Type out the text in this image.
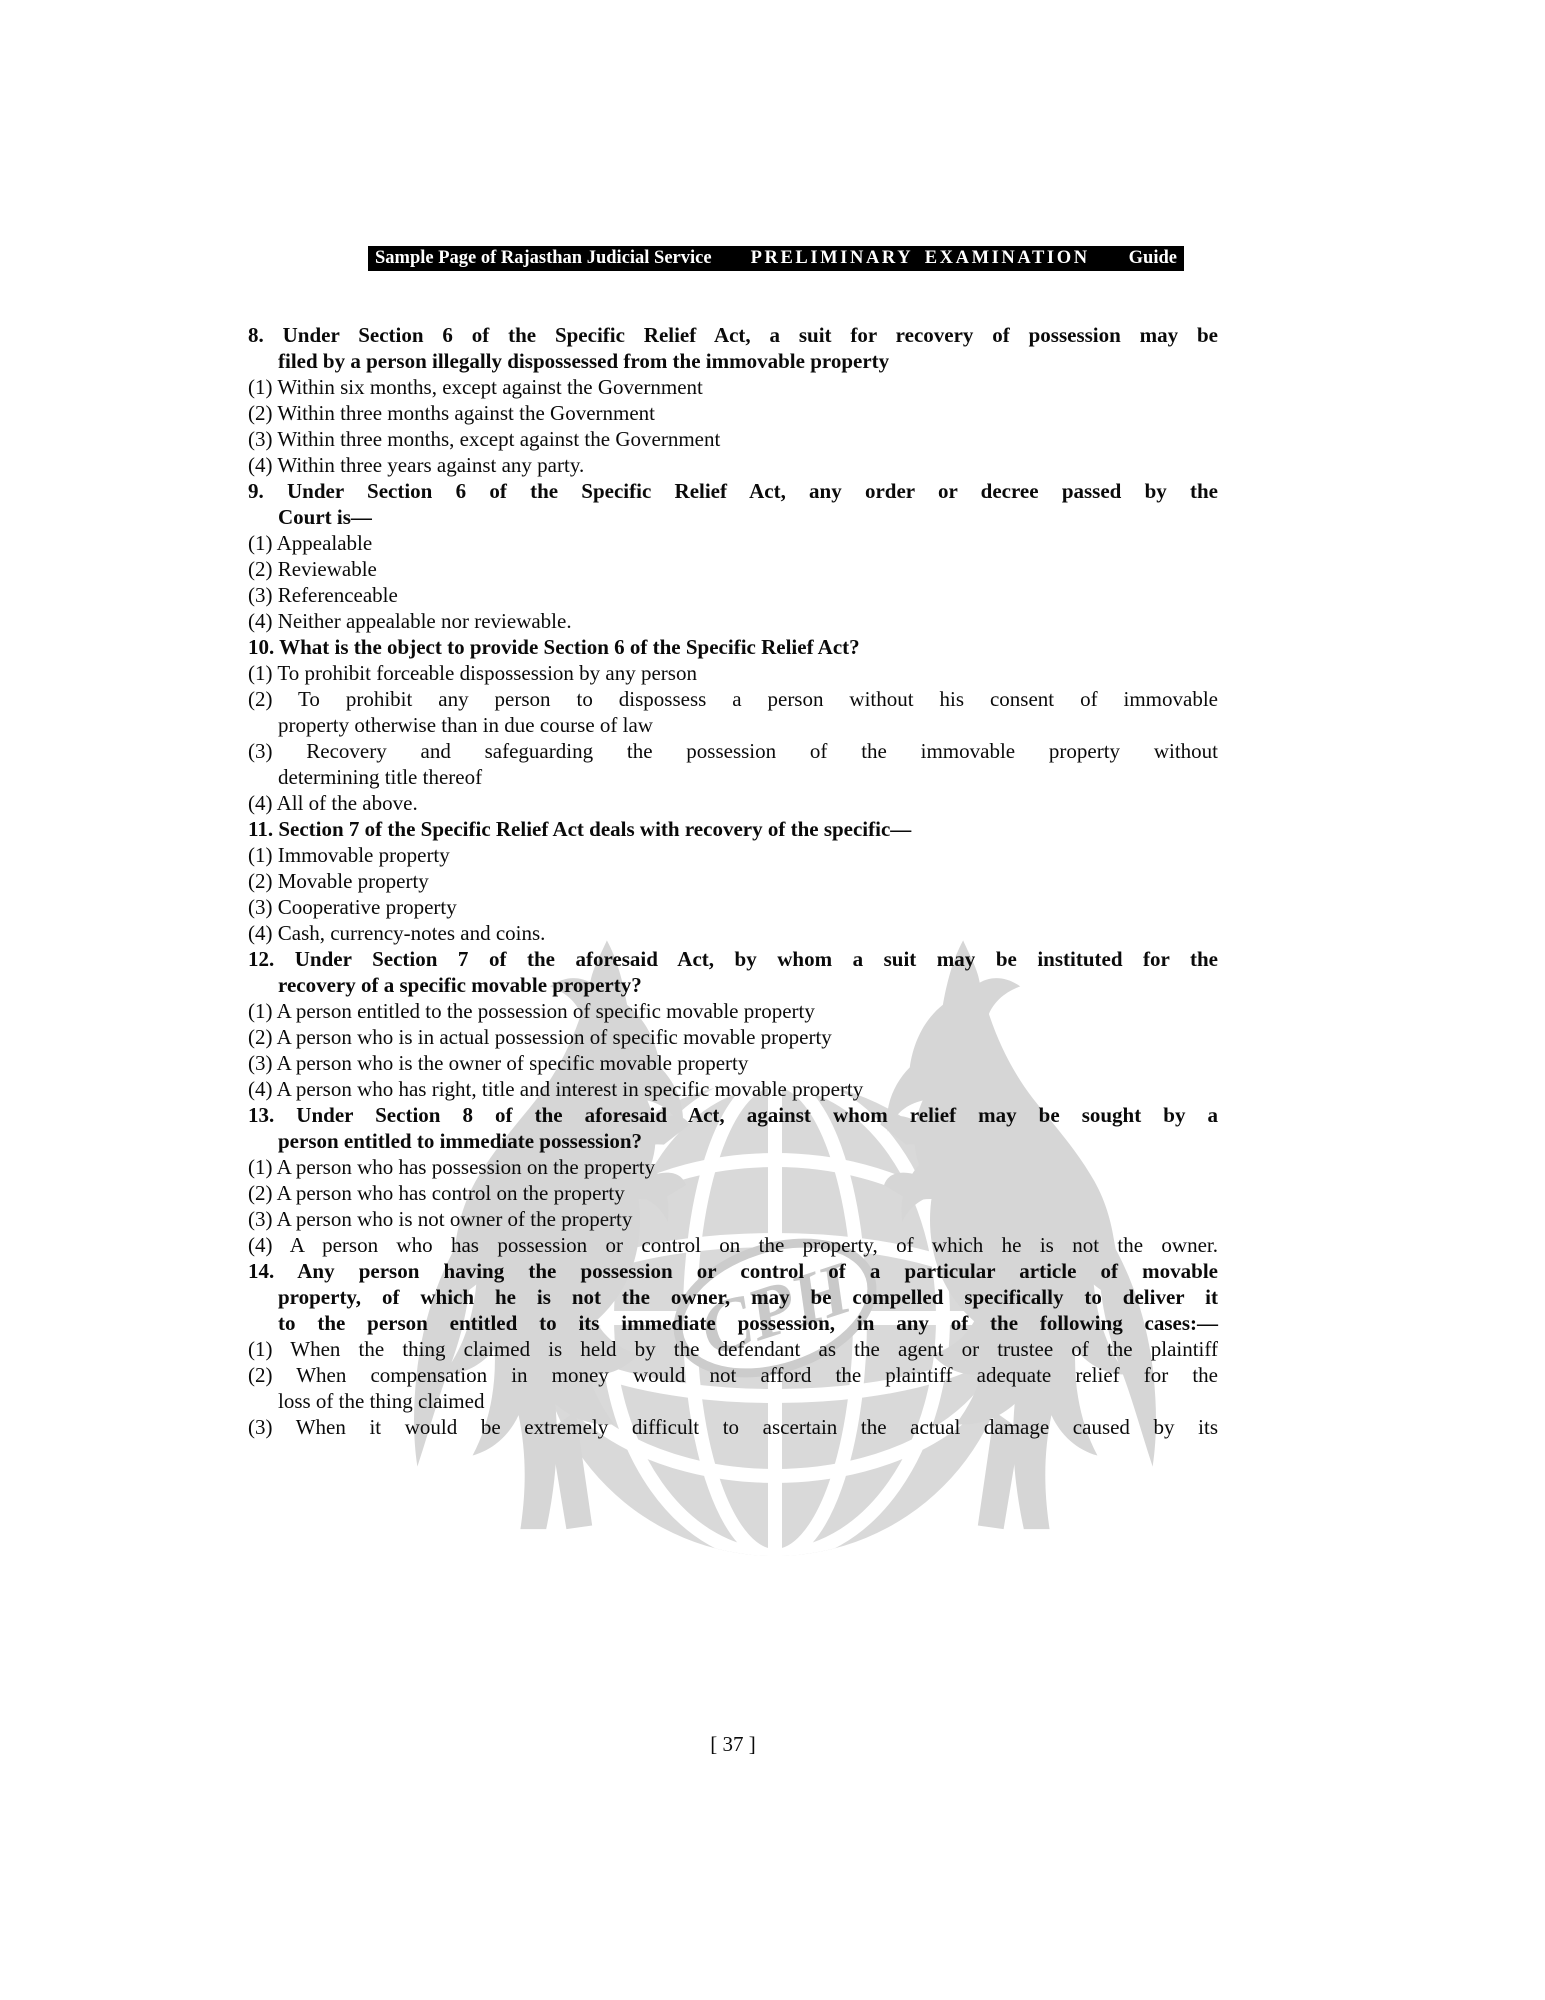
CPH
Sample Page of Rajasthan Judicial Service PRELIMINARY EXAMINATION Guide
8. Under Section 6 of the Specific Relief Act, a suit for recovery of possession may be
filed by a person illegally dispossessed from the immovable property
(1) Within six months, except against the Government
(2) Within three months against the Government
(3) Within three months, except against the Government
(4) Within three years against any party.
9. Under Section 6 of the Specific Relief Act, any order or decree passed by the
Court is—
(1) Appealable
(2) Reviewable
(3) Referenceable
(4) Neither appealable nor reviewable.
10. What is the object to provide Section 6 of the Specific Relief Act?
(1) To prohibit forceable dispossession by any person
(2) To prohibit any person to dispossess a person without his consent of immovable
property otherwise than in due course of law
(3) Recovery and safeguarding the possession of the immovable property without
determining title thereof
(4) All of the above.
11. Section 7 of the Specific Relief Act deals with recovery of the specific—
(1) Immovable property
(2) Movable property
(3) Cooperative property
(4) Cash, currency-notes and coins.
12. Under Section 7 of the aforesaid Act, by whom a suit may be instituted for the
recovery of a specific movable property?
(1) A person entitled to the possession of specific movable property
(2) A person who is in actual possession of specific movable property
(3) A person who is the owner of specific movable property
(4) A person who has right, title and interest in specific movable property
13. Under Section 8 of the aforesaid Act, against whom relief may be sought by a
person entitled to immediate possession?
(1) A person who has possession on the property
(2) A person who has control on the property
(3) A person who is not owner of the property
(4) A person who has possession or control on the property, of which he is not the owner.
14. Any person having the possession or control of a particular article of movable
property, of which he is not the owner, may be compelled specifically to deliver it
to the person entitled to its immediate possession, in any of the following cases:—
(1) When the thing claimed is held by the defendant as the agent or trustee of the plaintiff
(2) When compensation in money would not afford the plaintiff adequate relief for the
loss of the thing claimed
(3) When it would be extremely difficult to ascertain the actual damage caused by its
[ 37 ]
